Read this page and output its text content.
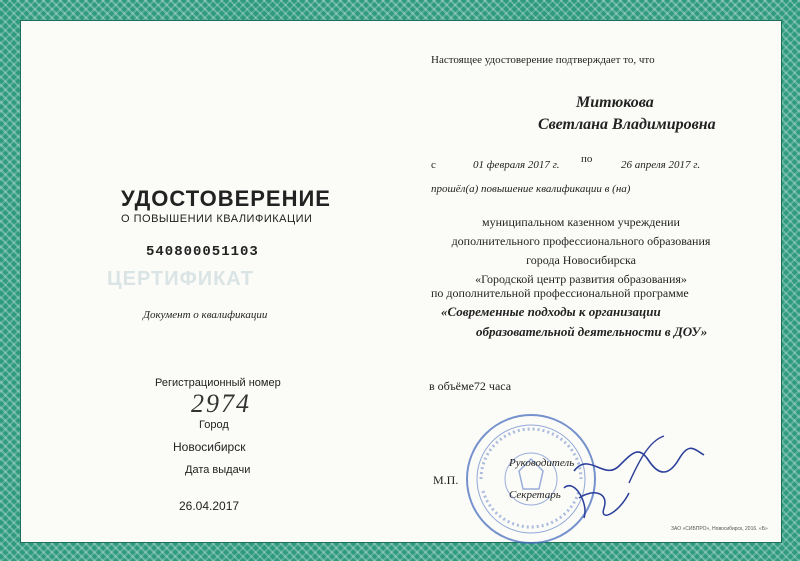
ЦЕРТИФИКАТ
УДОСТОВЕРЕНИЕ
О ПОВЫШЕНИИ КВАЛИФИКАЦИИ
540800051103
Документ о квалификации
Регистрационный номер
2974
Город
Новосибирск
Дата выдачи
26.04.2017
Настоящее удостоверение подтверждает то, что
Митюкова
Светлана Владимировна
с	01 февраля 2017 г. по	26 апреля 2017 г.
прошёл(а) повышение квалификации в (на)
муниципальном казенном учреждении
дополнительного профессионального образования
города Новосибирска
«Городской центр развития образования»
по дополнительной профессиональной программе
«Современные подходы к организации
образовательной деятельности в ДОУ»
в объёме72 часа
М.П.
Руководитель
Секретарь
ЗАО «СИБПРО», Новосибирск, 2016. «Б»
